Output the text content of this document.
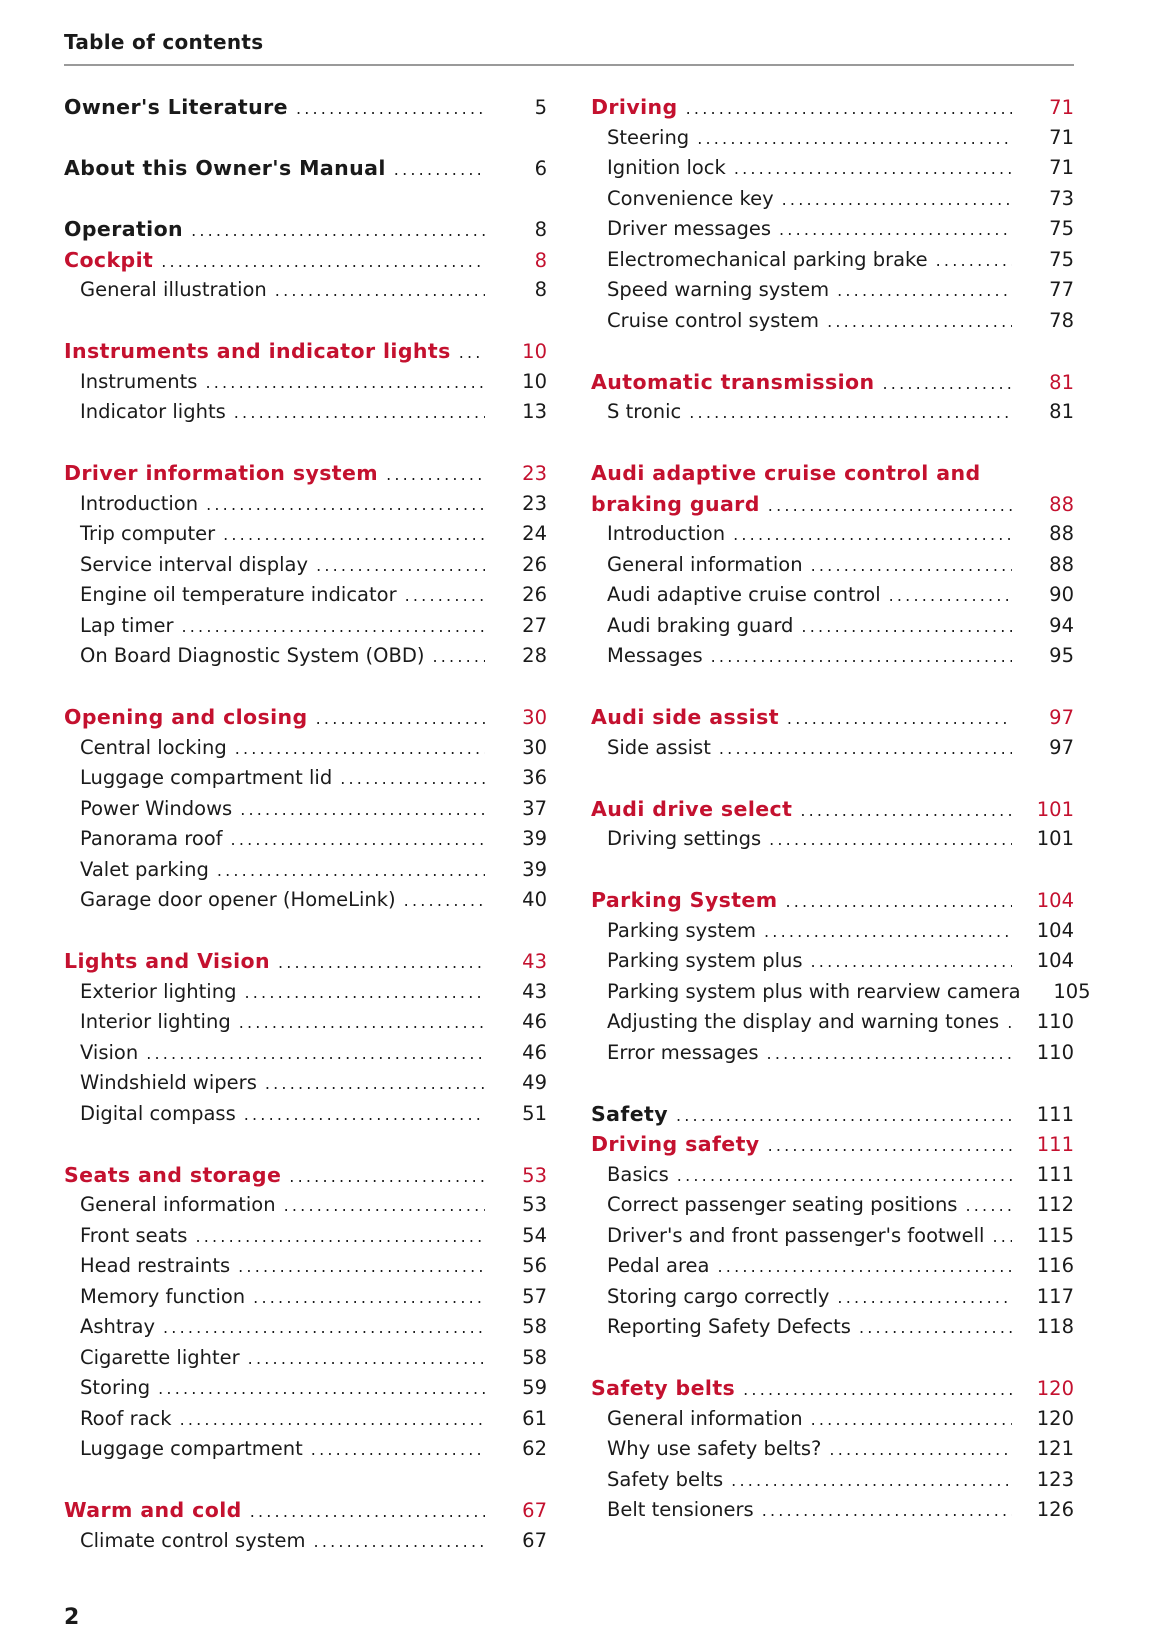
Table of contents
Owner's Literature .....	5
About this Owner's Manual .....	6
Operation .....	8
Cockpit .....	8
General illustration .....	8
Instruments and indicator lights .....	10
Instruments .....	10
Indicator lights .....	13
Driver information system .....	23
Introduction .....	23
Trip computer .....	24
Service interval display .....	26
Engine oil temperature indicator .....	26
Lap timer .....	27
On Board Diagnostic System (OBD) .....	28
Opening and closing .....	30
Central locking .....	30
Luggage compartment lid .....	36
Power Windows .....	37
Panorama roof .....	39
Valet parking .....	39
Garage door opener (HomeLink) .....	40
Lights and Vision .....	43
Exterior lighting .....	43
Interior lighting .....	46
Vision .....	46
Windshield wipers .....	49
Digital compass .....	51
Seats and storage .....	53
General information .....	53
Front seats .....	54
Head restraints .....	56
Memory function .....	57
Ashtray .....	58
Cigarette lighter .....	58
Storing .....	59
Roof rack .....	61
Luggage compartment .....	62
Warm and cold .....	67
Climate control system .....	67
Driving .....	71
Steering .....	71
Ignition lock .....	71
Convenience key .....	73
Driver messages .....	75
Electromechanical parking brake .....	75
Speed warning system .....	77
Cruise control system .....	78
Automatic transmission .....	81
S tronic .....	81
Audi adaptive cruise control and
braking guard .....	88
Introduction .....	88
General information .....	88
Audi adaptive cruise control .....	90
Audi braking guard .....	94
Messages .....	95
Audi side assist .....	97
Side assist .....	97
Audi drive select .....	101
Driving settings .....	101
Parking System .....	104
Parking system .....	104
Parking system plus .....	104
Parking system plus with rearview camera	105
Adjusting the display and warning tones .....	110
Error messages .....	110
Safety .....	111
Driving safety .....	111
Basics .....	111
Correct passenger seating positions .....	112
Driver's and front passenger's footwell .....	115
Pedal area .....	116
Storing cargo correctly .....	117
Reporting Safety Defects .....	118
Safety belts .....	120
General information .....	120
Why use safety belts? .....	121
Safety belts .....	123
Belt tensioners .....	126
2
